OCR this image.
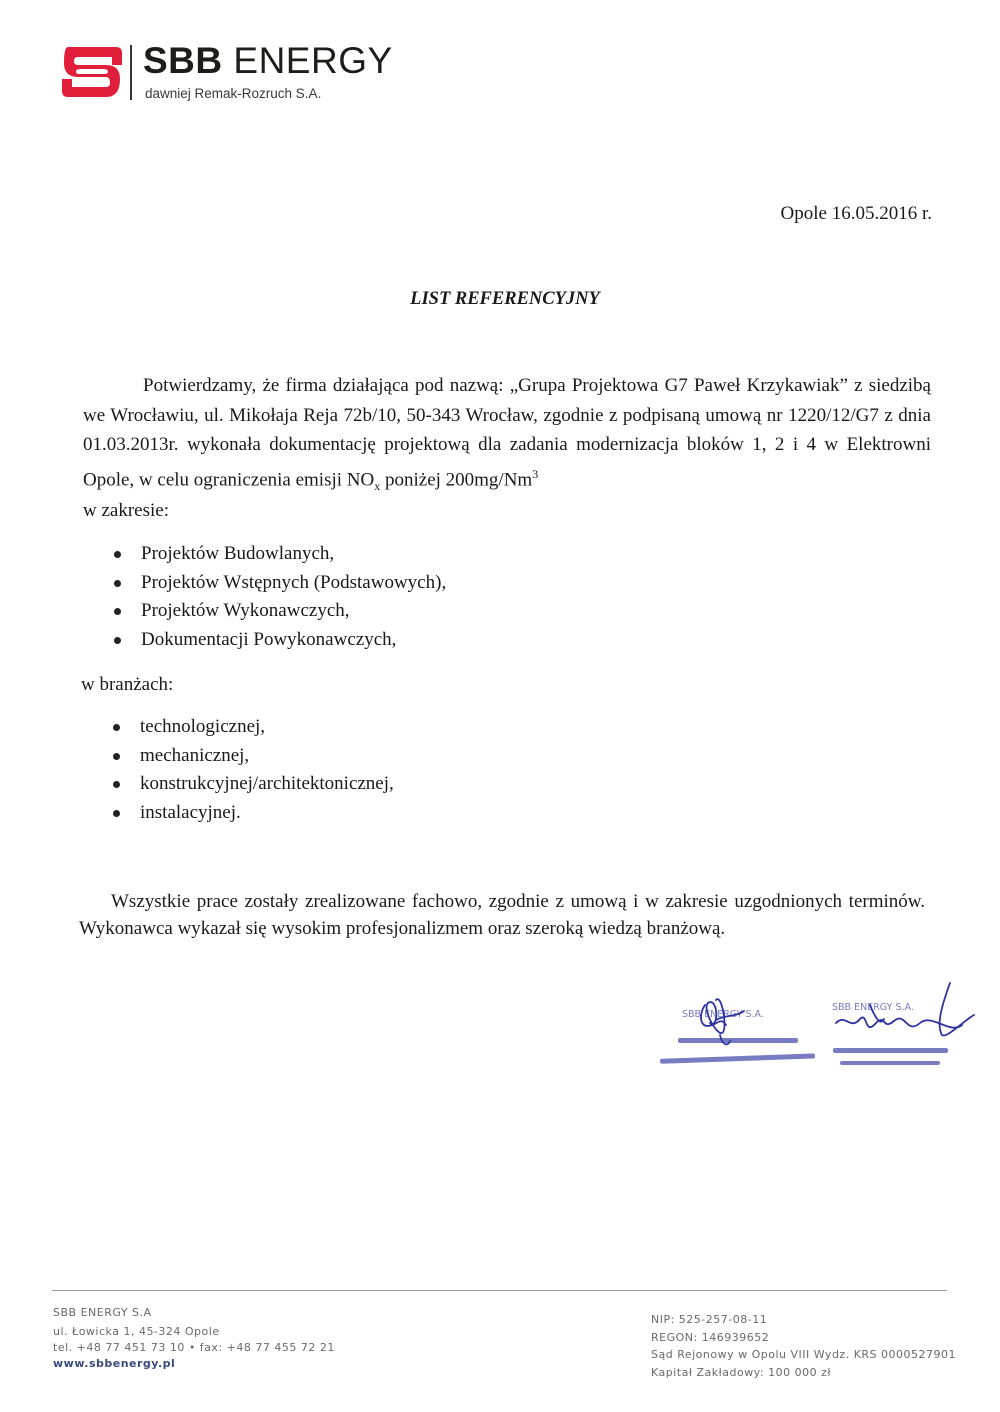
SBB ENERGY
dawniej Remak-Rozruch S.A.
Opole 16.05.2016 r.
LIST REFERENCYJNY
Potwierdzamy, że firma działająca pod nazwą: „Grupa Projektowa G7 Paweł Krzykawiak” z siedzibą we Wrocławiu, ul. Mikołaja Reja 72b/10, 50-343 Wrocław, zgodnie z podpisaną umową nr 1220/12/G7 z dnia 01.03.2013r. wykonała dokumentację projektową dla zadania modernizacja bloków 1, 2 i 4 w Elektrowni Opole, w celu ograniczenia emisji $NO_x$ poniżej 200mg/Nm$^3$
w zakresie:
Projektów Budowlanych,
Projektów Wstępnych (Podstawowych),
Projektów Wykonawczych,
Dokumentacji Powykonawczych,
w branżach:
technologicznej,
mechanicznej,
konstrukcyjnej/architektonicznej,
instalacyjnej.
Wszystkie prace zostały zrealizowane fachowo, zgodnie z umową i w zakresie uzgodnionych terminów. Wykonawca wykazał się wysokim profesjonalizmem oraz szeroką wiedzą branżową.
SBB ENERGY S.A.
SBB ENERGY S.A.
SBB ENERGY S.A
ul. Łowicka 1, 45-324 Opole
tel. +48 77 451 73 10 • fax: +48 77 455 72 21
www.sbbenergy.pl
NIP: 525-257-08-11
REGON: 146939652
Sąd Rejonowy w Opolu VIII Wydz. KRS 0000527901
Kapitał Zakładowy: 100 000 zł
